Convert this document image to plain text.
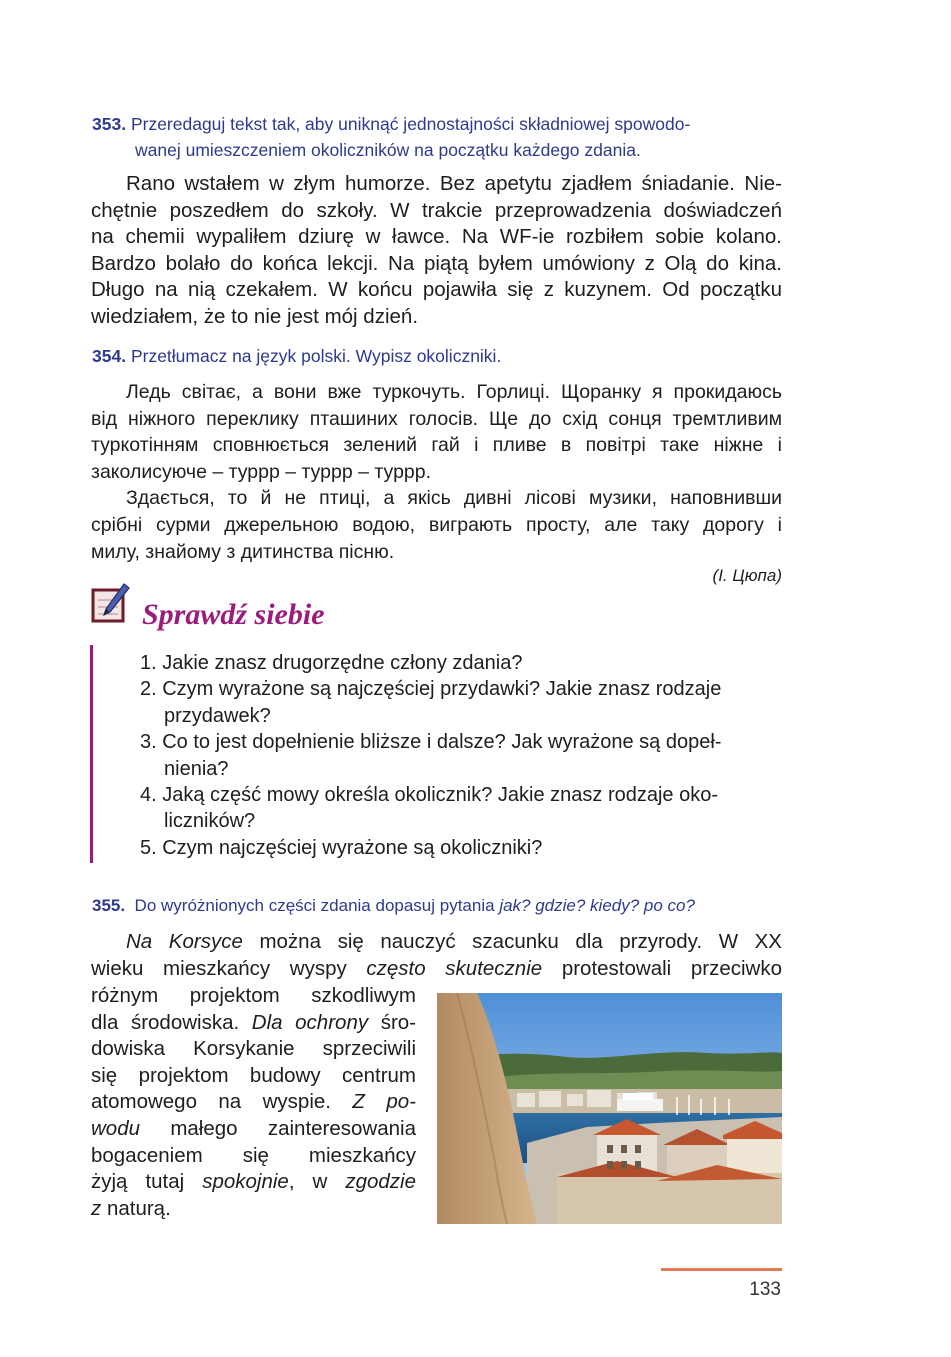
353. Przeredaguj tekst tak, aby uniknąć jednostajności składniowej spowodo-
wanej umieszczeniem okoliczników na początku każdego zdania.
Rano wstałem w złym humorze. Bez apetytu zjadłem śniadanie. Nie-
chętnie poszedłem do szkoły. W trakcie przeprowadzenia doświadczeń
na chemii wypaliłem dziurę w ławce. Na WF-ie rozbiłem sobie kolano.
Bardzo bolało do końca lekcji. Na piątą byłem umówiony z Olą do kina.
Długo na nią czekałem. W końcu pojawiła się z kuzynem. Od początku
wiedziałem, że to nie jest mój dzień.
354. Przetłumacz na język polski. Wypisz okoliczniki.
Ледь світає, а вони вже туркочуть. Горлиці. Щоранку я прокидаюсь
від ніжного переклику пташиних голосів. Ще до схід сонця тремтливим
туркотінням сповнюється зелений гай і пливе в повітрі таке ніжне і
заколисуюче – туррр – туррр – туррр.
Здається, то й не птиці, а якісь дивні лісові музики, наповнивши
срібні сурми джерельною водою, виграють просту, але таку дорогу і
милу, знайому з дитинства пісню.
(І. Цюпа)
Sprawdź siebie
1. Jakie znasz drugorzędne człony zdania?
2. Czym wyrażone są najczęściej przydawki? Jakie znasz rodzaje
przydawek?
3. Co to jest dopełnienie bliższe i dalsze? Jak wyrażone są dopeł-
nienia?
4. Jaką część mowy określa okolicznik? Jakie znasz rodzaje oko-
liczników?
5. Czym najczęściej wyrażone są okoliczniki?
355. Do wyróżnionych części zdania dopasuj pytania jak? gdzie? kiedy? po co?
Na Korsyce można się nauczyć szacunku dla przyrody. W XX
wieku mieszkańcy wyspy często skutecznie protestowali przeciwko
różnym projektom szkodliwym
dla środowiska. Dla ochrony śro-
dowiska Korsykanie sprzeciwili
się projektom budowy centrum
atomowego na wyspie. Z po-
wodu małego zainteresowania
bogaceniem się mieszkańcy
żyją tutaj spokojnie, w zgodzie
z naturą.
133
